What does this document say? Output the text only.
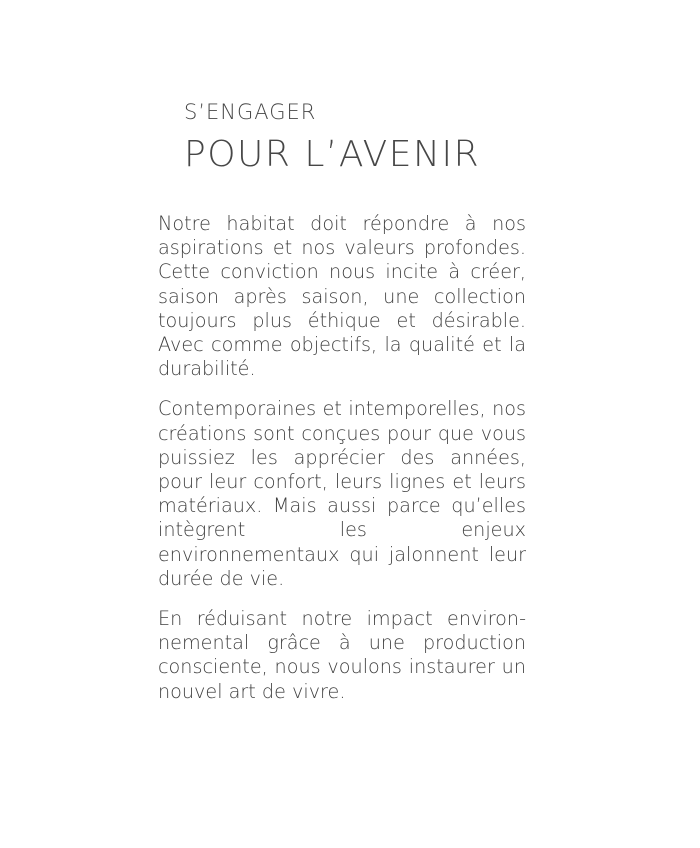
S’ENGAGER
POUR L’AVENIR

Notre habitat doit répondre à nos aspirations et nos valeurs profondes. Cette conviction nous incite à créer, saison après saison, une collection toujours plus éthique et désirable. Avec comme objectifs, la qualité et la durabilité.

Contemporaines et intemporelles, nos créations sont conçues pour que vous puissiez les apprécier des années, pour leur confort, leurs lignes et leurs matériaux. Mais aussi parce qu’elles intègrent les enjeux environnementaux qui jalonnent leur durée de vie.

En réduisant notre impact environnemental grâce à une production consciente, nous voulons instaurer un nouvel art de vivre.
